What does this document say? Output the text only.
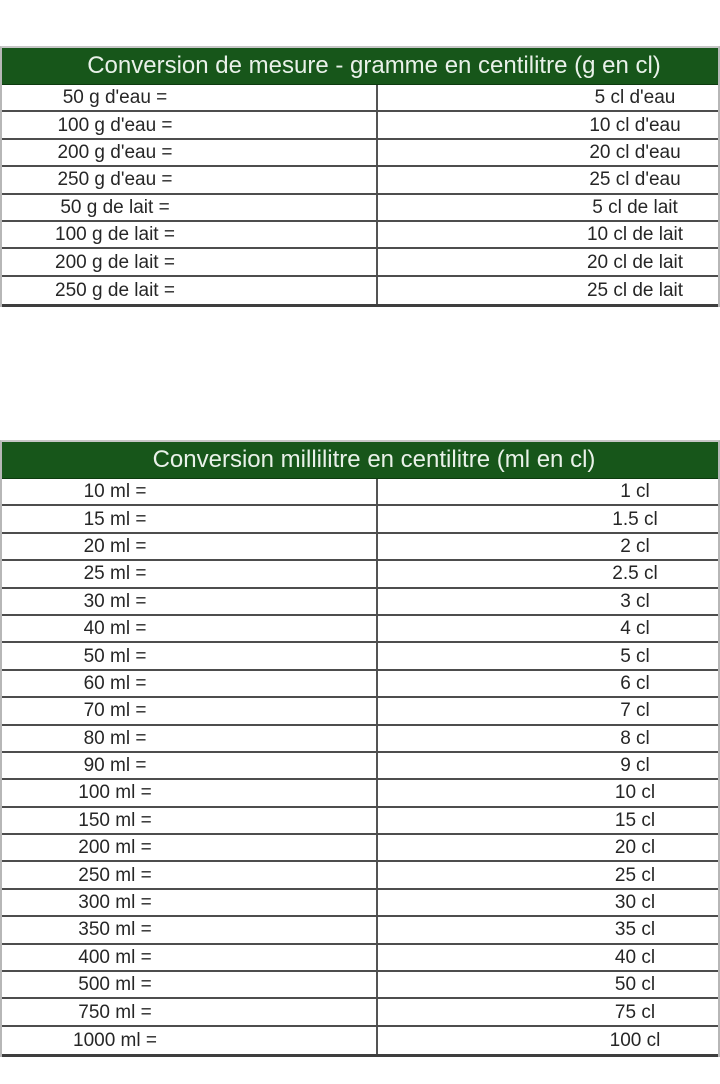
Conversion de mesure - gramme en centilitre (g en cl)
50 g d'eau =	5 cl d'eau
100 g d'eau =	10 cl d'eau
200 g d'eau =	20 cl d'eau
250 g d'eau =	25 cl d'eau
50 g de lait =	5 cl de lait
100 g de lait =	10 cl de lait
200 g de lait =	20 cl de lait
250 g de lait =	25 cl de lait
Conversion millilitre en centilitre (ml en cl)
10 ml =	1 cl
15 ml =	1.5 cl
20 ml =	2 cl
25 ml =	2.5 cl
30 ml =	3 cl
40 ml =	4 cl
50 ml =	5 cl
60 ml =	6 cl
70 ml =	7 cl
80 ml =	8 cl
90 ml =	9 cl
100 ml =	10 cl
150 ml =	15 cl
200 ml =	20 cl
250 ml =	25 cl
300 ml =	30 cl
350 ml =	35 cl
400 ml =	40 cl
500 ml =	50 cl
750 ml =	75 cl
1000 ml =	100 cl
